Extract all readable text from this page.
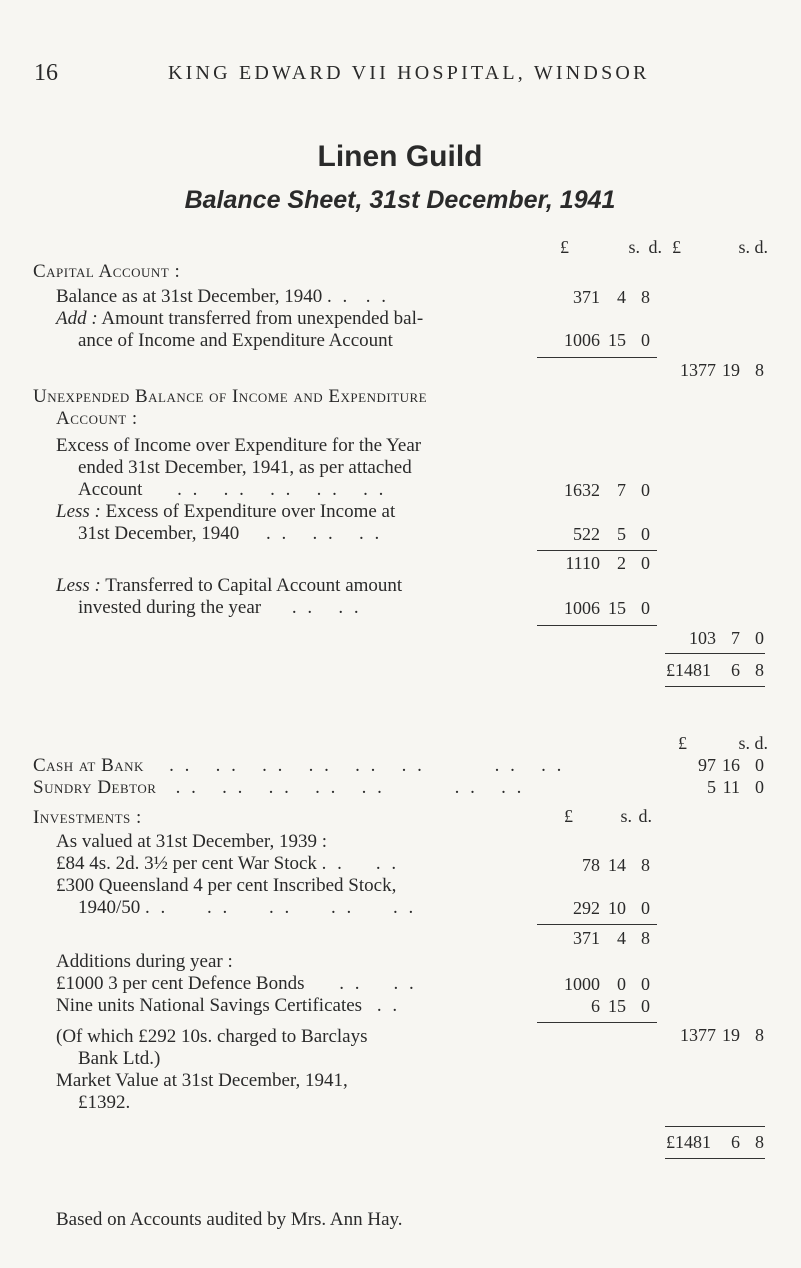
16	KING EDWARD VII HOSPITAL, WINDSOR
Linen Guild
Balance Sheet, 31st December, 1941
£	s. d. £	s. d.
Capital Account :
Balance as at 31st December, 1940 . .  . .	371 4 8
Add : Amount transferred from unexpended bal-
ance of Income and Expenditure Account	1006 15 0
1377 19 8
Unexpended Balance of Income and Expenditure
Account :
Excess of Income over Expenditure for the Year
ended 31st December, 1941, as per attached
Account . .   . .   . .   . .   . .	1632 7 0
Less : Excess of Expenditure over Income at
31st December, 1940 . .   . .   . .	522 5 0
1110 2 0
Less : Transferred to Capital Account amount
invested during the year . .   . .	1006 15 0
103 7 0
£1481	6 8
£	s. d.
Cash at Bank . .   . .   . .   . .   . .   . .         . .   . .	97 16 0
Sundry Debtor . .   . .   . .   . .   . .         . .   . .	5 11 0
Investments :	£	s. d.
As valued at 31st December, 1939 :
£84 4s. 2d. 3½ per cent War Stock . .    . .	78 14 8
£300 Queensland 4 per cent Inscribed Stock,
1940/50 . .     . .     . .     . .     . .	292 10 0
371 4 8
Additions during year :
£1000 3 per cent Defence Bonds . .    . .	1000 0 0
Nine units National Savings Certificates . .	6 15 0
1377 19 8
(Of which £292 10s. charged to Barclays
Bank Ltd.)
Market Value at 31st December, 1941,
£1392.
£1481	6 8
Based on Accounts audited by Mrs. Ann Hay.
